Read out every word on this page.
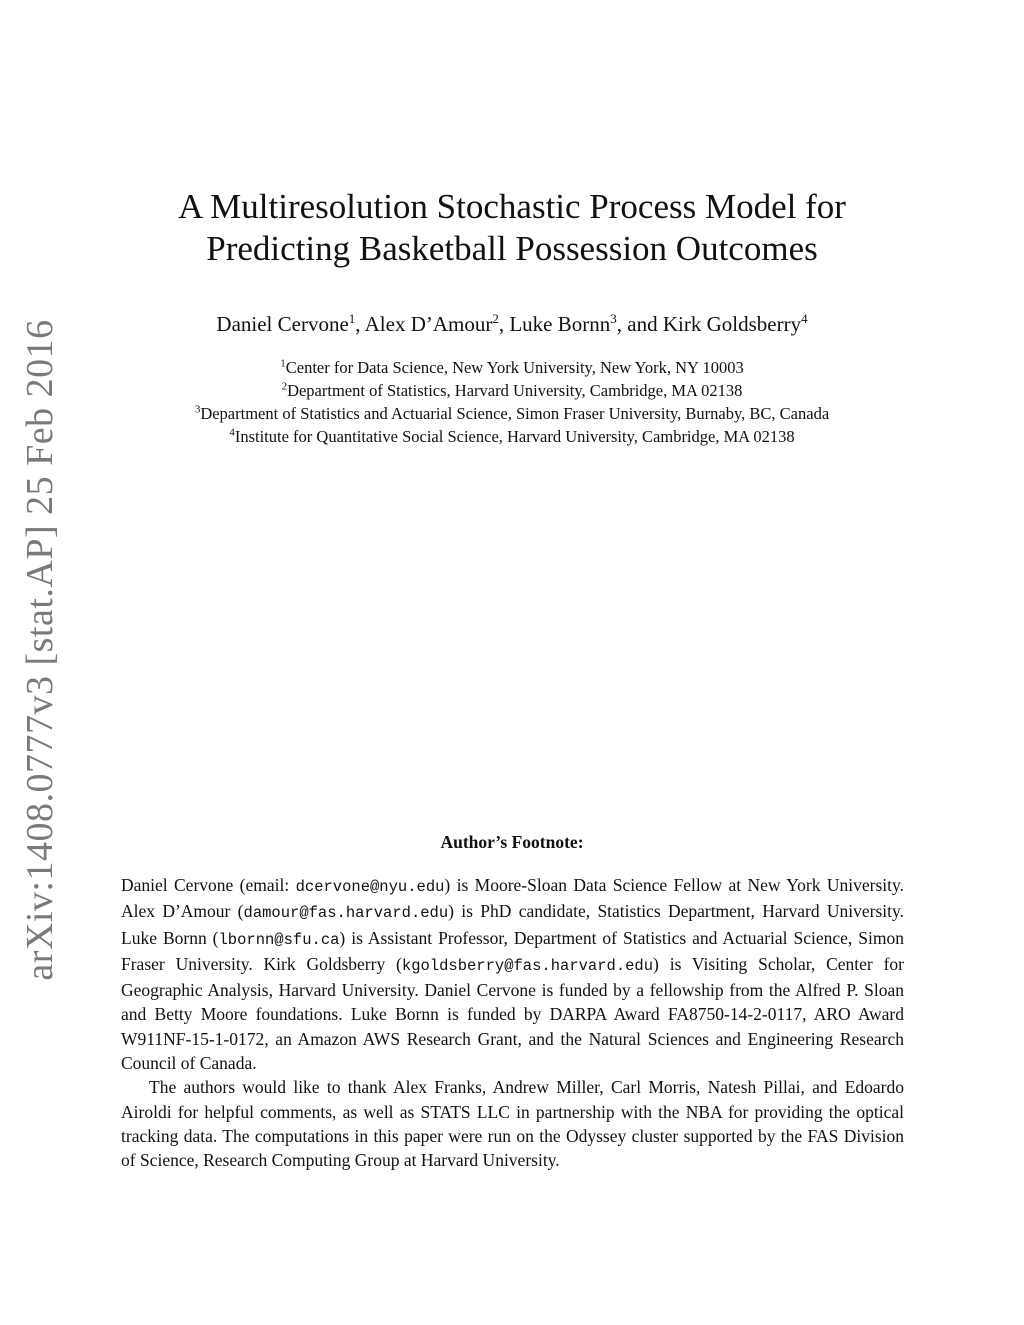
arXiv:1408.0777v3 [stat.AP] 25 Feb 2016
A Multiresolution Stochastic Process Model for
Predicting Basketball Possession Outcomes
Daniel Cervone$^1$, Alex D’Amour$^2$, Luke Bornn$^3$, and Kirk Goldsberry$^4$
$^1$Center for Data Science, New York University, New York, NY 10003
$^2$Department of Statistics, Harvard University, Cambridge, MA 02138
$^3$Department of Statistics and Actuarial Science, Simon Fraser University, Burnaby, BC, Canada
$^4$Institute for Quantitative Social Science, Harvard University, Cambridge, MA 02138
Author’s Footnote:

Daniel Cervone (email: dcervone@nyu.edu) is Moore-Sloan Data Science Fellow at New York University. Alex D’Amour (damour@fas.harvard.edu) is PhD candidate, Statistics Department, Harvard University. Luke Bornn (lbornn@sfu.ca) is Assistant Professor, Department of Statistics and Actuarial Science, Simon Fraser University. Kirk Goldsberry (kgoldsberry@fas.harvard.edu) is Visiting Scholar, Center for Geographic Analysis, Harvard University. Daniel Cervone is funded by a fellowship from the Alfred P. Sloan and Betty Moore foundations. Luke Bornn is funded by DARPA Award FA8750-14-2-0117, ARO Award W911NF-15-1-0172, an Amazon AWS Research Grant, and the Natural Sciences and Engineering Research Council of Canada.

The authors would like to thank Alex Franks, Andrew Miller, Carl Morris, Natesh Pillai, and Edoardo Airoldi for helpful comments, as well as STATS LLC in partnership with the NBA for providing the optical tracking data. The computations in this paper were run on the Odyssey cluster supported by the FAS Division of Science, Research Computing Group at Harvard University.
